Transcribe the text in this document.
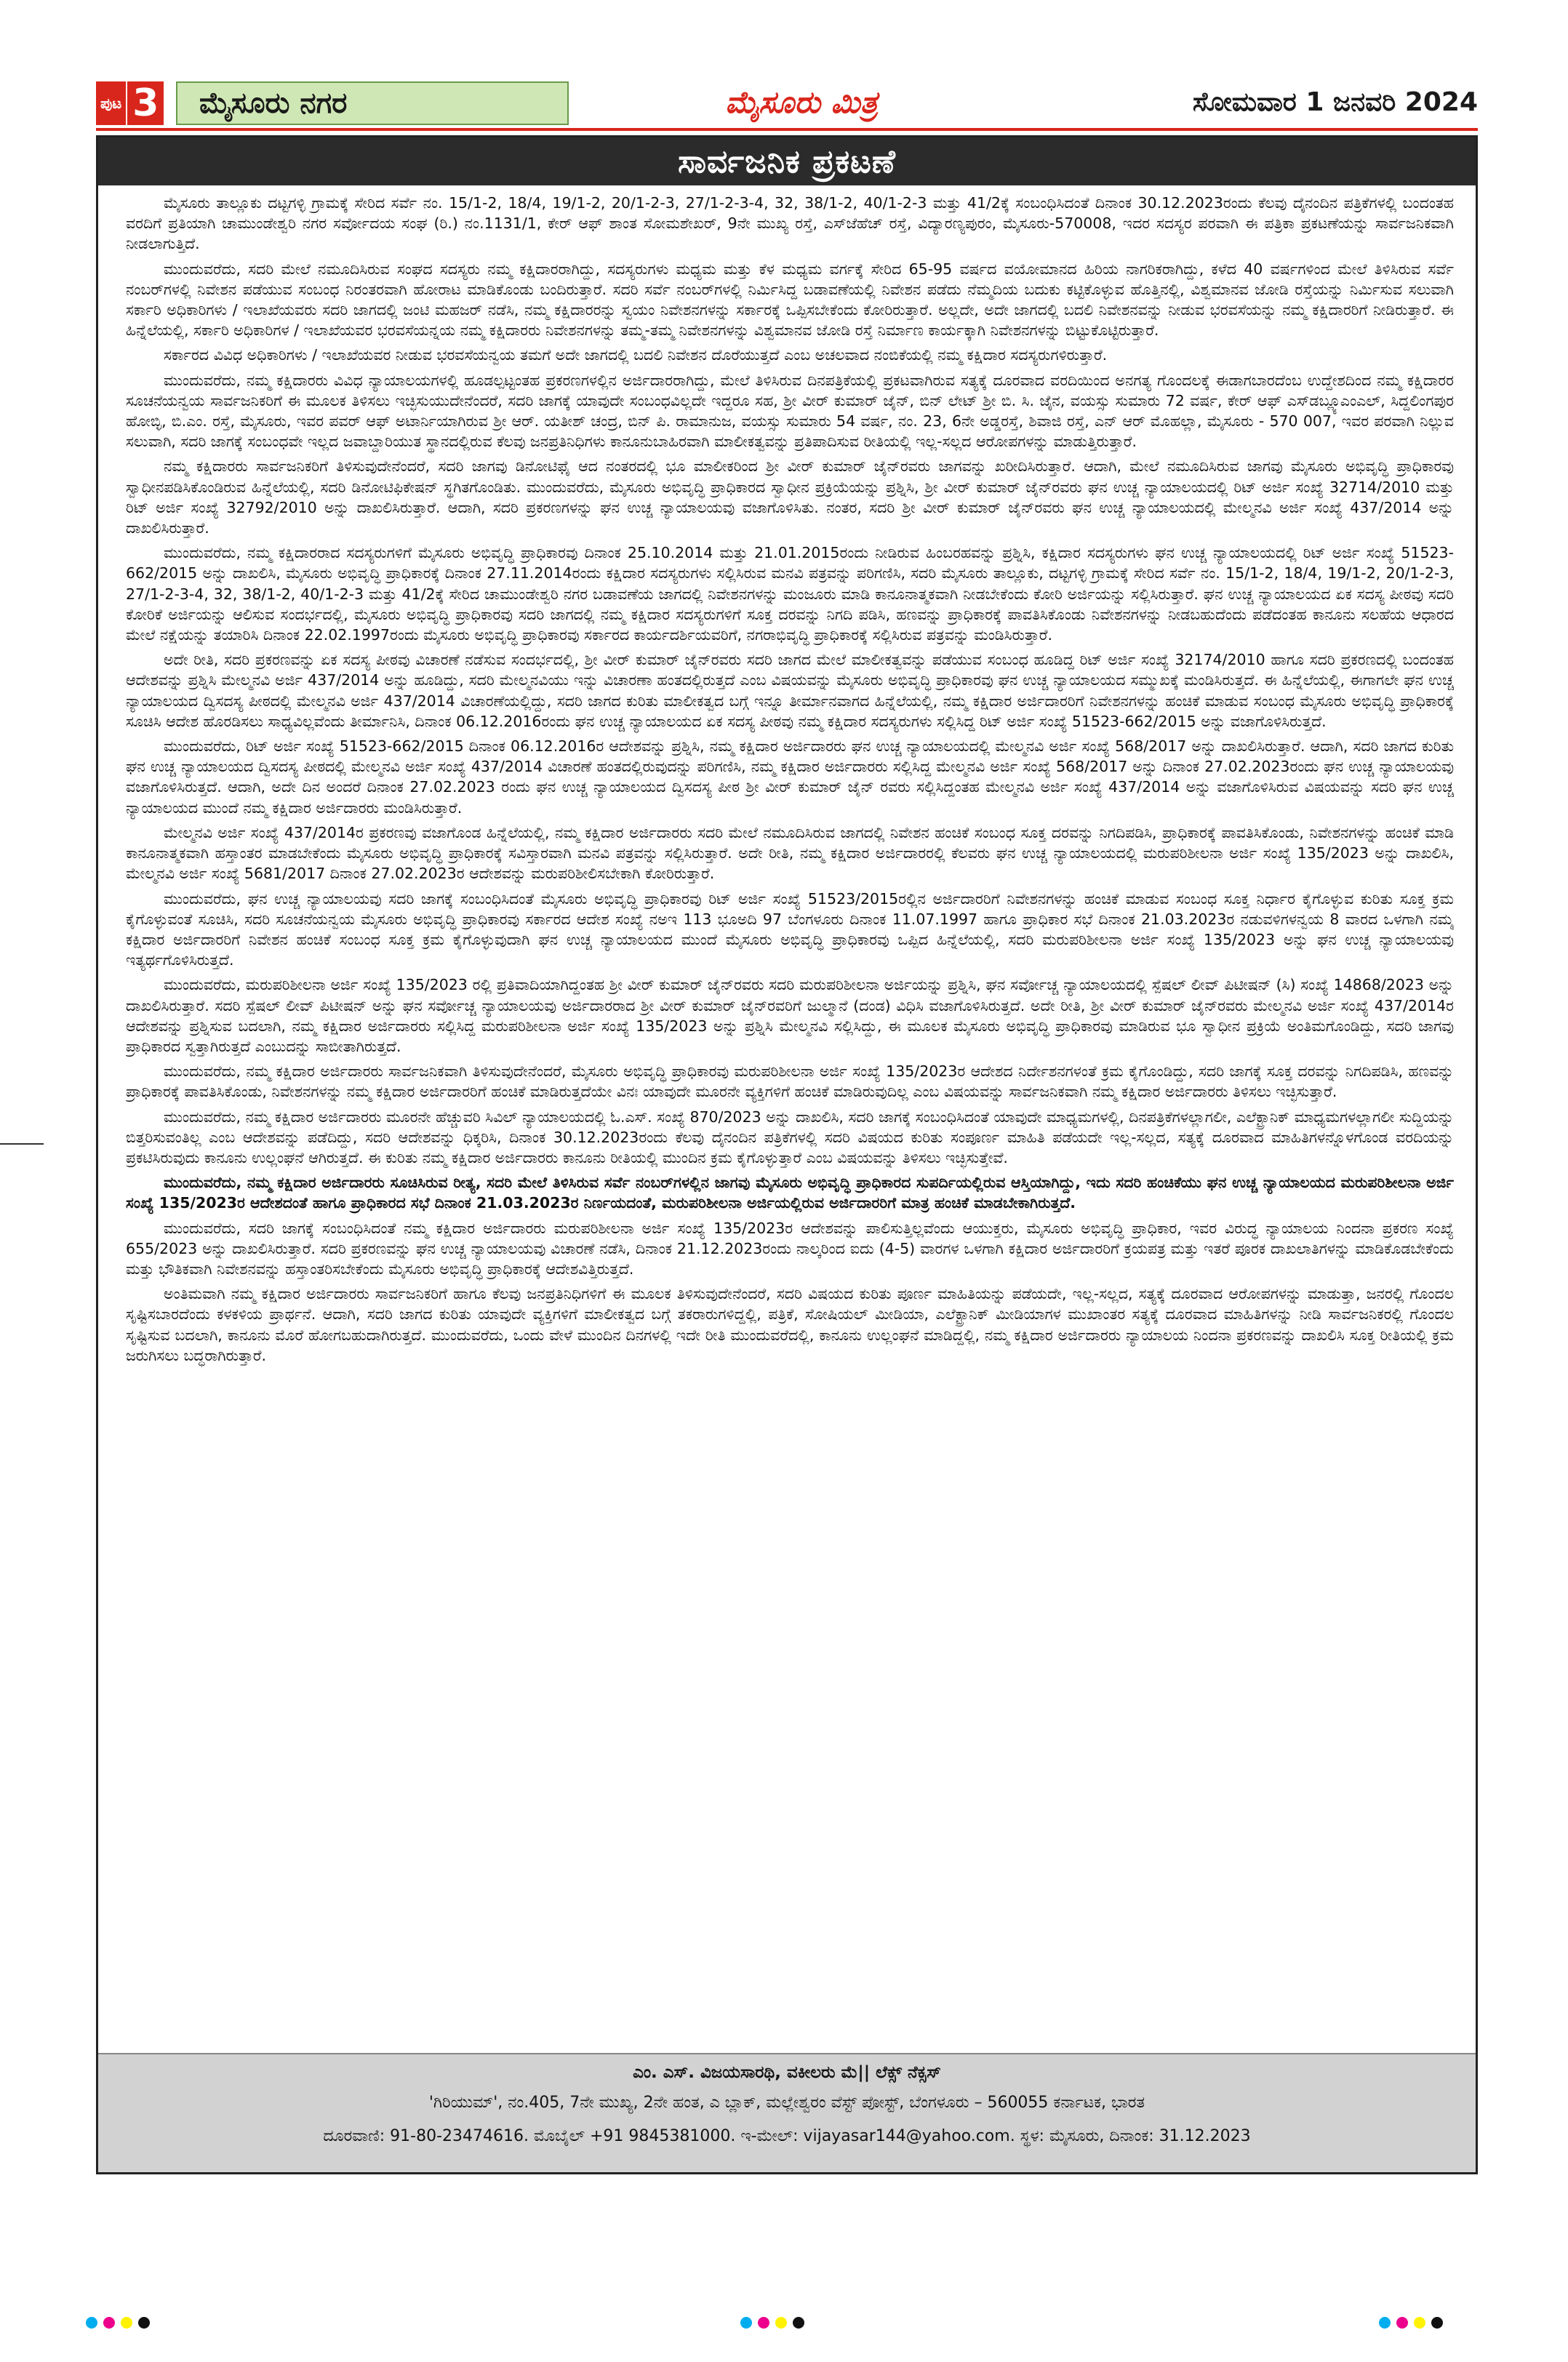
ಪುಟ 3	ಮೈಸೂರು ನಗರ	ಮೈಸೂರು ಮಿತ್ರ	ಸೋಮವಾರ 1 ಜನವರಿ 2024
ಸಾರ್ವಜನಿಕ ಪ್ರಕಟಣೆ

ಮೈಸೂರು ತಾಲ್ಲೂಕು ದಟ್ಟಗಳ್ಳಿ ಗ್ರಾಮಕ್ಕೆ ಸೇರಿದ ಸರ್ವೆ ನಂ. 15/1-2, 18/4, 19/1-2, 20/1-2-3, 27/1-2-3-4, 32, 38/1-2, 40/1-2-3 ಮತ್ತು 41/2ಕ್ಕೆ ಸಂಬಂಧಿಸಿದಂತೆ ದಿನಾಂಕ 30.12.2023ರಂದು ಕೆಲವು ದೈನಂದಿನ ಪತ್ರಿಕೆಗಳಲ್ಲಿ ಬಂದಂತಹ ವರದಿಗೆ ಪ್ರತಿಯಾಗಿ ಚಾಮುಂಡೇಶ್ವರಿ ನಗರ ಸರ್ವೋದಯ ಸಂಘ (ರಿ.) ನಂ.1131/1, ಕೇರ್ ಆಫ್ ಶಾಂತ ಸೋಮಶೇಖರ್, 9ನೇ ಮುಖ್ಯ ರಸ್ತೆ, ಎಸ್‌ಜೆಹೆಚ್ ರಸ್ತೆ, ವಿದ್ಯಾರಣ್ಯಪುರಂ, ಮೈಸೂರು-570008, ಇದರ ಸದಸ್ಯರ ಪರವಾಗಿ ಈ ಪತ್ರಿಕಾ ಪ್ರಕಟಣೆಯನ್ನು ಸಾರ್ವಜನಿಕವಾಗಿ ನೀಡಲಾಗುತ್ತಿದೆ.

ಮುಂದುವರೆದು, ಸದರಿ ಮೇಲೆ ನಮೂದಿಸಿರುವ ಸಂಘದ ಸದಸ್ಯರು ನಮ್ಮ ಕಕ್ಷಿದಾರರಾಗಿದ್ದು, ಸದಸ್ಯರುಗಳು ಮಧ್ಯಮ ಮತ್ತು ಕೆಳ ಮಧ್ಯಮ ವರ್ಗಕ್ಕೆ ಸೇರಿದ 65-95 ವರ್ಷದ ವಯೋಮಾನದ ಹಿರಿಯ ನಾಗರಿಕರಾಗಿದ್ದು, ಕಳೆದ 40 ವರ್ಷಗಳಿಂದ ಮೇಲೆ ತಿಳಿಸಿರುವ ಸರ್ವೆ ನಂಬರ್‌ಗಳಲ್ಲಿ ನಿವೇಶನ ಪಡೆಯುವ ಸಂಬಂಧ ನಿರಂತರವಾಗಿ ಹೋರಾಟ ಮಾಡಿಕೊಂಡು ಬಂದಿರುತ್ತಾರೆ. ಸದರಿ ಸರ್ವೆ ನಂಬರ್‌ಗಳಲ್ಲಿ ನಿರ್ಮಿಸಿದ್ದ ಬಡಾವಣೆಯಲ್ಲಿ ನಿವೇಶನ ಪಡೆದು ನೆಮ್ಮದಿಯ ಬದುಕು ಕಟ್ಟಿಕೊಳ್ಳುವ ಹೊತ್ತಿನಲ್ಲಿ, ವಿಶ್ವಮಾನವ ಜೋಡಿ ರಸ್ತೆಯನ್ನು ನಿರ್ಮಿಸುವ ಸಲುವಾಗಿ ಸರ್ಕಾರಿ ಅಧಿಕಾರಿಗಳು / ಇಲಾಖೆಯವರು ಸದರಿ ಜಾಗದಲ್ಲಿ ಜಂಟಿ ಮಹಜರ್ ನಡೆಸಿ, ನಮ್ಮ ಕಕ್ಷಿದಾರರನ್ನು ಸ್ವಯಂ ನಿವೇಶನಗಳನ್ನು ಸರ್ಕಾರಕ್ಕೆ ಒಪ್ಪಿಸಬೇಕೆಂದು ಕೋರಿರುತ್ತಾರೆ. ಅಲ್ಲದೇ, ಅದೇ ಜಾಗದಲ್ಲಿ ಬದಲಿ ನಿವೇಶನವನ್ನು ನೀಡುವ ಭರವಸೆಯನ್ನು ನಮ್ಮ ಕಕ್ಷಿದಾರರಿಗೆ ನೀಡಿರುತ್ತಾರೆ. ಈ ಹಿನ್ನೆಲೆಯಲ್ಲಿ, ಸರ್ಕಾರಿ ಅಧಿಕಾರಿಗಳ / ಇಲಾಖೆಯವರ ಭರವಸೆಯನ್ನಯ ನಮ್ಮ ಕಕ್ಷಿದಾರರು ನಿವೇಶನಗಳನ್ನು ತಮ್ಮ-ತಮ್ಮ ನಿವೇಶನಗಳನ್ನು ವಿಶ್ವಮಾನವ ಜೋಡಿ ರಸ್ತೆ ನಿರ್ಮಾಣ ಕಾರ್ಯಕ್ಕಾಗಿ ನಿವೇಶನಗಳನ್ನು ಬಿಟ್ಟುಕೊಟ್ಟಿರುತ್ತಾರೆ.

ಸರ್ಕಾರದ ವಿವಿಧ ಅಧಿಕಾರಿಗಳು / ಇಲಾಖೆಯವರ ನೀಡುವ ಭರವಸೆಯನ್ವಯ ತಮಗೆ ಅದೇ ಜಾಗದಲ್ಲಿ ಬದಲಿ ನಿವೇಶನ ದೊರೆಯುತ್ತದೆ ಎಂಬ ಅಚಲವಾದ ನಂಬಿಕೆಯಲ್ಲಿ ನಮ್ಮ ಕಕ್ಷಿದಾರ ಸದಸ್ಯರುಗಳಿರುತ್ತಾರೆ.

ಮುಂದುವರೆದು, ನಮ್ಮ ಕಕ್ಷಿದಾರರು ವಿವಿಧ ನ್ಯಾಯಾಲಯಗಳಲ್ಲಿ ಹೂಡಲ್ಪಟ್ಟಂತಹ ಪ್ರಕರಣಗಳಲ್ಲಿನ ಅರ್ಜಿದಾರರಾಗಿದ್ದು, ಮೇಲೆ ತಿಳಿಸಿರುವ ದಿನಪತ್ರಿಕೆಯಲ್ಲಿ ಪ್ರಕಟವಾಗಿರುವ ಸತ್ಯಕ್ಕೆ ದೂರವಾದ ವರದಿಯಿಂದ ಅನಗತ್ಯ ಗೊಂದಲಕ್ಕೆ ಈಡಾಗಬಾರದೆಂಬ ಉದ್ದೇಶದಿಂದ ನಮ್ಮ ಕಕ್ಷಿದಾರರ ಸೂಚನೆಯನ್ವಯ ಸಾರ್ವಜನಿಕರಿಗೆ ಈ ಮೂಲಕ ತಿಳಿಸಲು ಇಚ್ಛಿಸುಯುದೇನೆಂದರೆ, ಸದರಿ ಜಾಗಕ್ಕೆ ಯಾವುದೇ ಸಂಬಂಧವಿಲ್ಲದೇ ಇದ್ದರೂ ಸಹ, ಶ್ರೀ ವೀರ್ ಕುಮಾರ್ ಜೈನ್, ಬಿನ್ ಲೇಟ್ ಶ್ರೀ ಬಿ. ಸಿ. ಜೈನ, ವಯಸ್ಸು ಸುಮಾರು 72 ವರ್ಷ, ಕೇರ್ ಆಫ್ ಎಸ್‌ಡಬ್ಲ್ಯೂಎಂಎಲ್, ಸಿದ್ದಲಿಂಗಪುರ ಹೋಬ್ಳಿ, ಬಿ.ಎಂ. ರಸ್ತೆ, ಮೈಸೂರು, ಇವರ ಪವರ್ ಆಫ್ ಅಟಾರ್ನಿಯಾಗಿರುವ ಶ್ರೀ ಆರ್. ಯತೀಶ್ ಚಂದ್ರ, ಬಿನ್ ಪಿ. ರಾಮಾನುಜ, ವಯಸ್ಸು ಸುಮಾರು 54 ವರ್ಷ, ನಂ. 23, 6ನೇ ಅಡ್ಡರಸ್ತೆ, ಶಿವಾಜಿ ರಸ್ತೆ, ಎನ್ ಆರ್ ಮೊಹಲ್ಲಾ, ಮೈಸೂರು - 570 007, ಇವರ ಪರವಾಗಿ ನಿಲ್ಲುವ ಸಲುವಾಗಿ, ಸದರಿ ಜಾಗಕ್ಕೆ ಸಂಬಂಧವೇ ಇಲ್ಲದ ಜವಾಬ್ದಾರಿಯುತ ಸ್ಥಾನದಲ್ಲಿರುವ ಕೆಲವು ಜನಪ್ರತಿನಿಧಿಗಳು ಕಾನೂನುಬಾಹಿರವಾಗಿ ಮಾಲೀಕತ್ವವನ್ನು ಪ್ರತಿಪಾದಿಸುವ ರೀತಿಯಲ್ಲಿ ಇಲ್ಲ-ಸಲ್ಲದ ಆರೋಪಗಳನ್ನು ಮಾಡುತ್ತಿರುತ್ತಾರೆ.

ನಮ್ಮ ಕಕ್ಷಿದಾರರು ಸಾರ್ವಜನಿಕರಿಗೆ ತಿಳಿಸುವುದೇನೆಂದರೆ, ಸದರಿ ಜಾಗವು ಡಿನೋಟಿಫೈ ಆದ ನಂತರದಲ್ಲಿ ಭೂ ಮಾಲೀಕರಿಂದ ಶ್ರೀ ವೀರ್ ಕುಮಾರ್ ಜೈನ್‌ರವರು ಜಾಗವನ್ನು ಖರೀದಿಸಿರುತ್ತಾರೆ. ಆದಾಗಿ, ಮೇಲೆ ನಮೂದಿಸಿರುವ ಜಾಗವು ಮೈಸೂರು ಅಭಿವೃದ್ಧಿ ಪ್ರಾಧಿಕಾರವು ಸ್ವಾಧೀನಪಡಿಸಿಕೊಂಡಿರುವ ಹಿನ್ನೆಲೆಯಲ್ಲಿ, ಸದರಿ ಡಿನೋಟಿಫಿಕೇಷನ್ ಸ್ಥಗಿತಗೊಂಡಿತು. ಮುಂದುವರೆದು, ಮೈಸೂರು ಅಭಿವೃದ್ಧಿ ಪ್ರಾಧಿಕಾರದ ಸ್ವಾಧೀನ ಪ್ರಕ್ರಿಯೆಯನ್ನು ಪ್ರಶ್ನಿಸಿ, ಶ್ರೀ ವೀರ್ ಕುಮಾರ್ ಜೈನ್‌ರವರು ಘನ ಉಚ್ಚ ನ್ಯಾಯಾಲಯದಲ್ಲಿ ರಿಟ್ ಅರ್ಜಿ ಸಂಖ್ಯೆ 32714/2010 ಮತ್ತು ರಿಟ್ ಅರ್ಜಿ ಸಂಖ್ಯೆ 32792/2010 ಅನ್ನು ದಾಖಲಿಸಿರುತ್ತಾರೆ. ಆದಾಗಿ, ಸದರಿ ಪ್ರಕರಣಗಳನ್ನು ಘನ ಉಚ್ಚ ನ್ಯಾಯಾಲಯವು ವಜಾಗೊಳಿಸಿತು. ನಂತರ, ಸದರಿ ಶ್ರೀ ವೀರ್ ಕುಮಾರ್ ಜೈನ್‌ರವರು ಘನ ಉಚ್ಚ ನ್ಯಾಯಾಲಯದಲ್ಲಿ ಮೇಲ್ಮನವಿ ಅರ್ಜಿ ಸಂಖ್ಯೆ 437/2014 ಅನ್ನು ದಾಖಲಿಸಿರುತ್ತಾರೆ.

ಮುಂದುವರೆದು, ನಮ್ಮ ಕಕ್ಷಿದಾರರಾದ ಸದಸ್ಯರುಗಳಿಗೆ ಮೈಸೂರು ಅಭಿವೃದ್ಧಿ ಪ್ರಾಧಿಕಾರವು ದಿನಾಂಕ 25.10.2014 ಮತ್ತು 21.01.2015ರಂದು ನೀಡಿರುವ ಹಿಂಬರಹವನ್ನು ಪ್ರಶ್ನಿಸಿ, ಕಕ್ಷಿದಾರ ಸದಸ್ಯರುಗಳು ಘನ ಉಚ್ಚ ನ್ಯಾಯಾಲಯದಲ್ಲಿ ರಿಟ್ ಅರ್ಜಿ ಸಂಖ್ಯೆ 51523-662/2015 ಅನ್ನು ದಾಖಲಿಸಿ, ಮೈಸೂರು ಅಭಿವೃದ್ಧಿ ಪ್ರಾಧಿಕಾರಕ್ಕೆ ದಿನಾಂಕ 27.11.2014ರಂದು ಕಕ್ಷಿದಾರ ಸದಸ್ಯರುಗಳು ಸಲ್ಲಿಸಿರುವ ಮನವಿ ಪತ್ರವನ್ನು ಪರಿಗಣಿಸಿ, ಸದರಿ ಮೈಸೂರು ತಾಲ್ಲೂಕು, ದಟ್ಟಗಳ್ಳಿ ಗ್ರಾಮಕ್ಕೆ ಸೇರಿದ ಸರ್ವೆ ನಂ. 15/1-2, 18/4, 19/1-2, 20/1-2-3, 27/1-2-3-4, 32, 38/1-2, 40/1-2-3 ಮತ್ತು 41/2ಕ್ಕೆ ಸೇರಿದ ಚಾಮುಂಡೇಶ್ವರಿ ನಗರ ಬಡಾವಣೆಯ ಜಾಗದಲ್ಲಿ ನಿವೇಶನಗಳನ್ನು ಮಂಜೂರು ಮಾಡಿ ಕಾನೂನಾತ್ಮಕವಾಗಿ ನೀಡಬೇಕೆಂದು ಕೋರಿ ಅರ್ಜಿಯನ್ನು ಸಲ್ಲಿಸಿರುತ್ತಾರೆ. ಘನ ಉಚ್ಚ ನ್ಯಾಯಾಲಯದ ಏಕ ಸದಸ್ಯ ಪೀಠವು ಸದರಿ ಕೋರಿಕೆ ಅರ್ಜಿಯನ್ನು ಆಲಿಸುವ ಸಂದರ್ಭದಲ್ಲಿ, ಮೈಸೂರು ಅಭಿವೃದ್ಧಿ ಪ್ರಾಧಿಕಾರವು ಸದರಿ ಜಾಗದಲ್ಲಿ ನಮ್ಮ ಕಕ್ಷಿದಾರ ಸದಸ್ಯರುಗಳಿಗೆ ಸೂಕ್ತ ದರವನ್ನು ನಿಗದಿ ಪಡಿಸಿ, ಹಣವನ್ನು ಪ್ರಾಧಿಕಾರಕ್ಕೆ ಪಾವತಿಸಿಕೊಂಡು ನಿವೇಶನಗಳನ್ನು ನೀಡಬಹುದೆಂದು ಪಡೆದಂತಹ ಕಾನೂನು ಸಲಹೆಯ ಆಧಾರದ ಮೇಲೆ ನಕ್ಷೆಯನ್ನು ತಯಾರಿಸಿ ದಿನಾಂಕ 22.02.1997ರಂದು ಮೈಸೂರು ಅಭಿವೃದ್ಧಿ ಪ್ರಾಧಿಕಾರವು ಸರ್ಕಾರದ ಕಾರ್ಯದರ್ಶಿಯವರಿಗೆ, ನಗರಾಭಿವೃದ್ಧಿ ಪ್ರಾಧಿಕಾರಕ್ಕೆ ಸಲ್ಲಿಸಿರುವ ಪತ್ರವನ್ನು ಮಂಡಿಸಿರುತ್ತಾರೆ.

ಅದೇ ರೀತಿ, ಸದರಿ ಪ್ರಕರಣವನ್ನು ಏಕ ಸದಸ್ಯ ಪೀಠವು ವಿಚಾರಣೆ ನಡೆಸುವ ಸಂದರ್ಭದಲ್ಲಿ, ಶ್ರೀ ವೀರ್ ಕುಮಾರ್ ಜೈನ್‌ರವರು ಸದರಿ ಜಾಗದ ಮೇಲೆ ಮಾಲೀಕತ್ವವನ್ನು ಪಡೆಯುವ ಸಂಬಂಧ ಹೂಡಿದ್ದ ರಿಟ್ ಅರ್ಜಿ ಸಂಖ್ಯೆ 32174/2010 ಹಾಗೂ ಸದರಿ ಪ್ರಕರಣದಲ್ಲಿ ಬಂದಂತಹ ಆದೇಶವನ್ನು ಪ್ರಶ್ನಿಸಿ ಮೇಲ್ಮನವಿ ಅರ್ಜಿ 437/2014 ಅನ್ನು ಹೂಡಿದ್ದು, ಸದರಿ ಮೇಲ್ಮನವಿಯು ಇನ್ನು ವಿಚಾರಣಾ ಹಂತದಲ್ಲಿರುತ್ತದೆ ಎಂಬ ವಿಷಯವನ್ನು ಮೈಸೂರು ಅಭಿವೃದ್ಧಿ ಪ್ರಾಧಿಕಾರವು ಘನ ಉಚ್ಚ ನ್ಯಾಯಾಲಯದ ಸಮ್ಮುಖಕ್ಕೆ ಮಂಡಿಸಿರುತ್ತದೆ. ಈ ಹಿನ್ನೆಲೆಯಲ್ಲಿ, ಈಗಾಗಲೇ ಘನ ಉಚ್ಚ ನ್ಯಾಯಾಲಯದ ದ್ವಿಸದಸ್ಯ ಪೀಠದಲ್ಲಿ ಮೇಲ್ಮನವಿ ಅರ್ಜಿ 437/2014 ವಿಚಾರಣೆಯಲ್ಲಿದ್ದು, ಸದರಿ ಜಾಗದ ಕುರಿತು ಮಾಲೀಕತ್ವದ ಬಗ್ಗೆ ಇನ್ನೂ ತೀರ್ಮಾನವಾಗದ ಹಿನ್ನೆಲೆಯಲ್ಲಿ, ನಮ್ಮ ಕಕ್ಷಿದಾರ ಅರ್ಜಿದಾರರಿಗೆ ನಿವೇಶನಗಳನ್ನು ಹಂಚಿಕೆ ಮಾಡುವ ಸಂಬಂಧ ಮೈಸೂರು ಅಭಿವೃದ್ಧಿ ಪ್ರಾಧಿಕಾರಕ್ಕೆ ಸೂಚಿಸಿ ಆದೇಶ ಹೊರಡಿಸಲು ಸಾಧ್ಯವಿಲ್ಲವೆಂದು ತೀರ್ಮಾನಿಸಿ, ದಿನಾಂಕ 06.12.2016ರಂದು ಘನ ಉಚ್ಚ ನ್ಯಾಯಾಲಯದ ಏಕ ಸದಸ್ಯ ಪೀಠವು ನಮ್ಮ ಕಕ್ಷಿದಾರ ಸದಸ್ಯರುಗಳು ಸಲ್ಲಿಸಿದ್ದ ರಿಟ್ ಅರ್ಜಿ ಸಂಖ್ಯೆ 51523-662/2015 ಅನ್ನು ವಜಾಗೊಳಿಸಿರುತ್ತದೆ.

ಮುಂದುವರೆದು, ರಿಟ್ ಅರ್ಜಿ ಸಂಖ್ಯೆ 51523-662/2015 ದಿನಾಂಕ 06.12.2016ರ ಆದೇಶವನ್ನು ಪ್ರಶ್ನಿಸಿ, ನಮ್ಮ ಕಕ್ಷಿದಾರ ಅರ್ಜಿದಾರರು ಘನ ಉಚ್ಚ ನ್ಯಾಯಾಲಯದಲ್ಲಿ ಮೇಲ್ಮನವಿ ಅರ್ಜಿ ಸಂಖ್ಯೆ 568/2017 ಅನ್ನು ದಾಖಲಿಸಿರುತ್ತಾರೆ. ಆದಾಗಿ, ಸದರಿ ಜಾಗದ ಕುರಿತು ಘನ ಉಚ್ಚ ನ್ಯಾಯಾಲಯದ ದ್ವಿಸದಸ್ಯ ಪೀಠದಲ್ಲಿ ಮೇಲ್ಮನವಿ ಅರ್ಜಿ ಸಂಖ್ಯೆ 437/2014 ವಿಚಾರಣೆ ಹಂತದಲ್ಲಿರುವುದನ್ನು ಪರಿಗಣಿಸಿ, ನಮ್ಮ ಕಕ್ಷಿದಾರ ಅರ್ಜಿದಾರರು ಸಲ್ಲಿಸಿದ್ದ ಮೇಲ್ಮನವಿ ಅರ್ಜಿ ಸಂಖ್ಯೆ 568/2017 ಅನ್ನು ದಿನಾಂಕ 27.02.2023ರಂದು ಘನ ಉಚ್ಚ ನ್ಯಾಯಾಲಯವು ವಜಾಗೊಳಿಸಿರುತ್ತದೆ. ಆದಾಗಿ, ಅದೇ ದಿನ ಅಂದರೆ ದಿನಾಂಕ 27.02.2023 ರಂದು ಘನ ಉಚ್ಚ ನ್ಯಾಯಾಲಯದ ದ್ವಿಸದಸ್ಯ ಪೀಠ ಶ್ರೀ ವೀರ್ ಕುಮಾರ್ ಜೈನ್ ರವರು ಸಲ್ಲಿಸಿದ್ದಂತಹ ಮೇಲ್ಮನವಿ ಅರ್ಜಿ ಸಂಖ್ಯೆ 437/2014 ಅನ್ನು ವಜಾಗೊಳಿಸಿರುವ ವಿಷಯವನ್ನು ಸದರಿ ಘನ ಉಚ್ಚ ನ್ಯಾಯಾಲಯದ ಮುಂದೆ ನಮ್ಮ ಕಕ್ಷಿದಾರ ಅರ್ಜಿದಾರರು ಮಂಡಿಸಿರುತ್ತಾರೆ.

ಮೇಲ್ಮನವಿ ಅರ್ಜಿ ಸಂಖ್ಯೆ 437/2014ರ ಪ್ರಕರಣವು ವಜಾಗೊಂಡ ಹಿನ್ನೆಲೆಯಲ್ಲಿ, ನಮ್ಮ ಕಕ್ಷಿದಾರ ಅರ್ಜಿದಾರರು ಸದರಿ ಮೇಲೆ ನಮೂದಿಸಿರುವ ಜಾಗದಲ್ಲಿ ನಿವೇಶನ ಹಂಚಿಕೆ ಸಂಬಂಧ ಸೂಕ್ತ ದರವನ್ನು ನಿಗದಿಪಡಿಸಿ, ಪ್ರಾಧಿಕಾರಕ್ಕೆ ಪಾವತಿಸಿಕೊಂಡು, ನಿವೇಶನಗಳನ್ನು ಹಂಚಿಕೆ ಮಾಡಿ ಕಾನೂನಾತ್ಮಕವಾಗಿ ಹಸ್ತಾಂತರ ಮಾಡಬೇಕೆಂದು ಮೈಸೂರು ಅಭಿವೃದ್ಧಿ ಪ್ರಾಧಿಕಾರಕ್ಕೆ ಸವಿಸ್ತಾರವಾಗಿ ಮನವಿ ಪತ್ರವನ್ನು ಸಲ್ಲಿಸಿರುತ್ತಾರೆ. ಅದೇ ರೀತಿ, ನಮ್ಮ ಕಕ್ಷಿದಾರ ಅರ್ಜಿದಾರರಲ್ಲಿ ಕೆಲವರು ಘನ ಉಚ್ಚ ನ್ಯಾಯಾಲಯದಲ್ಲಿ ಮರುಪರಿಶೀಲನಾ ಅರ್ಜಿ ಸಂಖ್ಯೆ 135/2023 ಅನ್ನು ದಾಖಲಿಸಿ, ಮೇಲ್ಮನವಿ ಅರ್ಜಿ ಸಂಖ್ಯೆ 5681/2017 ದಿನಾಂಕ 27.02.2023ರ ಆದೇಶವನ್ನು ಮರುಪರಿಶೀಲಿಸಬೇಕಾಗಿ ಕೋರಿರುತ್ತಾರೆ.

ಮುಂದುವರೆದು, ಘನ ಉಚ್ಚ ನ್ಯಾಯಾಲಯವು ಸದರಿ ಜಾಗಕ್ಕೆ ಸಂಬಂಧಿಸಿದಂತೆ ಮೈಸೂರು ಅಭಿವೃದ್ಧಿ ಪ್ರಾಧಿಕಾರವು ರಿಟ್ ಅರ್ಜಿ ಸಂಖ್ಯೆ 51523/2015ರಲ್ಲಿನ ಅರ್ಜಿದಾರರಿಗೆ ನಿವೇಶನಗಳನ್ನು ಹಂಚಿಕೆ ಮಾಡುವ ಸಂಬಂಧ ಸೂಕ್ತ ನಿರ್ಧಾರ ಕೈಗೊಳ್ಳುವ ಕುರಿತು ಸೂಕ್ತ ಕ್ರಮ ಕೈಗೊಳ್ಳುವಂತೆ ಸೂಚಿಸಿ, ಸದರಿ ಸೂಚನೆಯನ್ವಯ ಮೈಸೂರು ಅಭಿವೃದ್ಧಿ ಪ್ರಾಧಿಕಾರವು ಸರ್ಕಾರದ ಆದೇಶ ಸಂಖ್ಯೆ ನಅಇ 113 ಭೂಅದಿ 97 ಬೆಂಗಳೂರು ದಿನಾಂಕ 11.07.1997 ಹಾಗೂ ಪ್ರಾಧಿಕಾರ ಸಭೆ ದಿನಾಂಕ 21.03.2023ರ ನಡುವಳಿಗಳನ್ವಯ 8 ವಾರದ ಒಳಗಾಗಿ ನಮ್ಮ ಕಕ್ಷಿದಾರ ಅರ್ಜಿದಾರರಿಗೆ ನಿವೇಶನ ಹಂಚಿಕೆ ಸಂಬಂಧ ಸೂಕ್ತ ಕ್ರಮ ಕೈಗೊಳ್ಳುವುದಾಗಿ ಘನ ಉಚ್ಚ ನ್ಯಾಯಾಲಯದ ಮುಂದೆ ಮೈಸೂರು ಅಭಿವೃದ್ಧಿ ಪ್ರಾಧಿಕಾರವು ಒಪ್ಪಿದ ಹಿನ್ನೆಲೆಯಲ್ಲಿ, ಸದರಿ ಮರುಪರಿಶೀಲನಾ ಅರ್ಜಿ ಸಂಖ್ಯೆ 135/2023 ಅನ್ನು ಘನ ಉಚ್ಚ ನ್ಯಾಯಾಲಯವು ಇತ್ಯರ್ಥಗೊಳಿಸಿರುತ್ತದೆ.

ಮುಂದುವರೆದು, ಮರುಪರಿಶೀಲನಾ ಅರ್ಜಿ ಸಂಖ್ಯೆ 135/2023 ರಲ್ಲಿ ಪ್ರತಿವಾದಿಯಾಗಿದ್ದಂತಹ ಶ್ರೀ ವೀರ್ ಕುಮಾರ್ ಜೈನ್‌ರವರು ಸದರಿ ಮರುಪರಿಶೀಲನಾ ಅರ್ಜಿಯನ್ನು ಪ್ರಶ್ನಿಸಿ, ಘನ ಸರ್ವೋಚ್ಚ ನ್ಯಾಯಾಲಯದಲ್ಲಿ ಸ್ಪೆಷಲ್ ಲೀವ್ ಪಿಟೀಷನ್ (ಸಿ) ಸಂಖ್ಯೆ 14868/2023 ಅನ್ನು ದಾಖಲಿಸಿರುತ್ತಾರೆ. ಸದರಿ ಸ್ಪೆಷಲ್ ಲೀವ್ ಪಿಟೀಷನ್ ಅನ್ನು ಘನ ಸರ್ವೋಚ್ಚ ನ್ಯಾಯಾಲಯವು ಅರ್ಜಿದಾರರಾದ ಶ್ರೀ ವೀರ್ ಕುಮಾರ್ ಜೈನ್‌ರವರಿಗೆ ಜುಲ್ಮಾನೆ (ದಂಡ) ವಿಧಿಸಿ ವಜಾಗೊಳಿಸಿರುತ್ತದೆ. ಅದೇ ರೀತಿ, ಶ್ರೀ ವೀರ್ ಕುಮಾರ್ ಜೈನ್‌ರವರು ಮೇಲ್ಮನವಿ ಅರ್ಜಿ ಸಂಖ್ಯೆ 437/2014ರ ಆದೇಶವನ್ನು ಪ್ರಶ್ನಿಸುವ ಬದಲಾಗಿ, ನಮ್ಮ ಕಕ್ಷಿದಾರ ಅರ್ಜಿದಾರರು ಸಲ್ಲಿಸಿದ್ದ ಮರುಪರಿಶೀಲನಾ ಅರ್ಜಿ ಸಂಖ್ಯೆ 135/2023 ಅನ್ನು ಪ್ರಶ್ನಿಸಿ ಮೇಲ್ಮನವಿ ಸಲ್ಲಿಸಿದ್ದು, ಈ ಮೂಲಕ ಮೈಸೂರು ಅಭಿವೃದ್ಧಿ ಪ್ರಾಧಿಕಾರವು ಮಾಡಿರುವ ಭೂ ಸ್ವಾಧೀನ ಪ್ರಕ್ರಿಯೆ ಅಂತಿಮಗೊಂಡಿದ್ದು, ಸದರಿ ಜಾಗವು ಪ್ರಾಧಿಕಾರದ ಸ್ವತ್ತಾಗಿರುತ್ತದೆ ಎಂಬುದನ್ನು ಸಾಬೀತಾಗಿರುತ್ತದೆ.

ಮುಂದುವರೆದು, ನಮ್ಮ ಕಕ್ಷಿದಾರ ಅರ್ಜಿದಾರರು ಸಾರ್ವಜನಿಕವಾಗಿ ತಿಳಿಸುವುದೇನೆಂದರೆ, ಮೈಸೂರು ಅಭಿವೃದ್ಧಿ ಪ್ರಾಧಿಕಾರವು ಮರುಪರಿಶೀಲನಾ ಅರ್ಜಿ ಸಂಖ್ಯೆ 135/2023ರ ಆದೇಶದ ನಿರ್ದೇಶನಗಳಂತೆ ಕ್ರಮ ಕೈಗೊಂಡಿದ್ದು, ಸದರಿ ಜಾಗಕ್ಕೆ ಸೂಕ್ತ ದರವನ್ನು ನಿಗದಿಪಡಿಸಿ, ಹಣವನ್ನು ಪ್ರಾಧಿಕಾರಕ್ಕೆ ಪಾವತಿಸಿಕೊಂಡು, ನಿವೇಶನಗಳನ್ನು ನಮ್ಮ ಕಕ್ಷಿದಾರ ಅರ್ಜಿದಾರರಿಗೆ ಹಂಚಿಕೆ ಮಾಡಿರುತ್ತದೆಯೇ ವಿನಃ ಯಾವುದೇ ಮೂರನೇ ವ್ಯಕ್ತಿಗಳಿಗೆ ಹಂಚಿಕೆ ಮಾಡಿರುವುದಿಲ್ಲ ಎಂಬ ವಿಷಯವನ್ನು ಸಾರ್ವಜನಿಕವಾಗಿ ನಮ್ಮ ಕಕ್ಷಿದಾರ ಅರ್ಜಿದಾರರು ತಿಳಿಸಲು ಇಚ್ಛಿಸುತ್ತಾರೆ.

ಮುಂದುವರೆದು, ನಮ್ಮ ಕಕ್ಷಿದಾರ ಅರ್ಜಿದಾರರು ಮೂರನೇ ಹೆಚ್ಚುವರಿ ಸಿವಿಲ್ ನ್ಯಾಯಾಲಯದಲ್ಲಿ ಓ.ಎಸ್. ಸಂಖ್ಯೆ 870/2023 ಅನ್ನು ದಾಖಲಿಸಿ, ಸದರಿ ಜಾಗಕ್ಕೆ ಸಂಬಂಧಿಸಿದಂತೆ ಯಾವುದೇ ಮಾಧ್ಯಮಗಳಲ್ಲಿ, ದಿನಪತ್ರಿಕೆಗಳಲ್ಲಾಗಲೀ, ಎಲೆಕ್ಟ್ರಾನಿಕ್ ಮಾಧ್ಯಮಗಳಲ್ಲಾಗಲೀ ಸುದ್ದಿಯನ್ನು ಬಿತ್ತರಿಸುವಂತಿಲ್ಲ ಎಂಬ ಆದೇಶವನ್ನು ಪಡೆದಿದ್ದು, ಸದರಿ ಆದೇಶವನ್ನು ಧಿಕ್ಕರಿಸಿ, ದಿನಾಂಕ 30.12.2023ರಂದು ಕೆಲವು ದೈನಂದಿನ ಪತ್ರಿಕೆಗಳಲ್ಲಿ ಸದರಿ ವಿಷಯದ ಕುರಿತು ಸಂಪೂರ್ಣ ಮಾಹಿತಿ ಪಡೆಯದೇ ಇಲ್ಲ-ಸಲ್ಲದ, ಸತ್ಯಕ್ಕೆ ದೂರವಾದ ಮಾಹಿತಿಗಳನ್ನೊಳಗೊಂಡ ವರದಿಯನ್ನು ಪ್ರಕಟಿಸಿರುವುದು ಕಾನೂನು ಉಲ್ಲಂಘನೆ ಆಗಿರುತ್ತದೆ. ಈ ಕುರಿತು ನಮ್ಮ ಕಕ್ಷಿದಾರ ಅರ್ಜಿದಾರರು ಕಾನೂನು ರೀತಿಯಲ್ಲಿ ಮುಂದಿನ ಕ್ರಮ ಕೈಗೊಳ್ಳುತ್ತಾರೆ ಎಂಬ ವಿಷಯವನ್ನು ತಿಳಿಸಲು ಇಚ್ಛಿಸುತ್ತೇವೆ.

ಮುಂದುವರೆದು, ನಮ್ಮ ಕಕ್ಷಿದಾರ ಅರ್ಜಿದಾರರು ಸೂಚಿಸಿರುವ ರೀತ್ಯ, ಸದರಿ ಮೇಲೆ ತಿಳಿಸಿರುವ ಸರ್ವೆ ನಂಬರ್‌ಗಳಲ್ಲಿನ ಜಾಗವು ಮೈಸೂರು ಅಭಿವೃದ್ಧಿ ಪ್ರಾಧಿಕಾರದ ಸುಪರ್ದಿಯಲ್ಲಿರುವ ಆಸ್ತಿಯಾಗಿದ್ದು, ಇದು ಸದರಿ ಹಂಚಿಕೆಯು ಘನ ಉಚ್ಚ ನ್ಯಾಯಾಲಯದ ಮರುಪರಿಶೀಲನಾ ಅರ್ಜಿ ಸಂಖ್ಯೆ 135/2023ರ ಆದೇಶದಂತೆ ಹಾಗೂ ಪ್ರಾಧಿಕಾರದ ಸಭೆ ದಿನಾಂಕ 21.03.2023ರ ನಿರ್ಣಯದಂತೆ, ಮರುಪರಿಶೀಲನಾ ಅರ್ಜಿಯಲ್ಲಿರುವ ಅರ್ಜಿದಾರರಿಗೆ ಮಾತ್ರ ಹಂಚಿಕೆ ಮಾಡಬೇಕಾಗಿರುತ್ತದೆ.

ಮುಂದುವರೆದು, ಸದರಿ ಜಾಗಕ್ಕೆ ಸಂಬಂಧಿಸಿದಂತೆ ನಮ್ಮ ಕಕ್ಷಿದಾರ ಅರ್ಜಿದಾರರು ಮರುಪರಿಶೀಲನಾ ಅರ್ಜಿ ಸಂಖ್ಯೆ 135/2023ರ ಆದೇಶವನ್ನು ಪಾಲಿಸುತ್ತಿಲ್ಲವೆಂದು ಆಯುಕ್ತರು, ಮೈಸೂರು ಅಭಿವೃದ್ಧಿ ಪ್ರಾಧಿಕಾರ, ಇವರ ವಿರುದ್ಧ ನ್ಯಾಯಾಲಯ ನಿಂದನಾ ಪ್ರಕರಣ ಸಂಖ್ಯೆ 655/2023 ಅನ್ನು ದಾಖಲಿಸಿರುತ್ತಾರೆ. ಸದರಿ ಪ್ರಕರಣವನ್ನು ಘನ ಉಚ್ಚ ನ್ಯಾಯಾಲಯವು ವಿಚಾರಣೆ ನಡೆಸಿ, ದಿನಾಂಕ 21.12.2023ರಂದು ನಾಲ್ಕರಿಂದ ಐದು (4-5) ವಾರಗಳ ಒಳಗಾಗಿ ಕಕ್ಷಿದಾರ ಅರ್ಜಿದಾರರಿಗೆ ಕ್ರಯಪತ್ರ ಮತ್ತು ಇತರೆ ಪೂರಕ ದಾಖಲಾತಿಗಳನ್ನು ಮಾಡಿಕೊಡಬೇಕೆಂದು ಮತ್ತು ಭೌತಿಕವಾಗಿ ನಿವೇಶನವನ್ನು ಹಸ್ತಾಂತರಿಸಬೇಕೆಂದು ಮೈಸೂರು ಅಭಿವೃದ್ಧಿ ಪ್ರಾಧಿಕಾರಕ್ಕೆ ಆದೇಶವಿತ್ತಿರುತ್ತದೆ.

ಅಂತಿಮವಾಗಿ ನಮ್ಮ ಕಕ್ಷಿದಾರ ಅರ್ಜಿದಾರರು ಸಾರ್ವಜನಿಕರಿಗೆ ಹಾಗೂ ಕೆಲವು ಜನಪ್ರತಿನಿಧಿಗಳಿಗೆ ಈ ಮೂಲಕ ತಿಳಿಸುವುದೇನೆಂದರೆ, ಸದರಿ ವಿಷಯದ ಕುರಿತು ಪೂರ್ಣ ಮಾಹಿತಿಯನ್ನು ಪಡೆಯದೇ, ಇಲ್ಲ-ಸಲ್ಲದ, ಸತ್ಯಕ್ಕೆ ದೂರವಾದ ಆರೋಪಗಳನ್ನು ಮಾಡುತ್ತಾ, ಜನರಲ್ಲಿ ಗೊಂದಲ ಸೃಷ್ಟಿಸಬಾರದೆಂದು ಕಳಕಳಿಯ ಪ್ರಾರ್ಥನೆ. ಆದಾಗಿ, ಸದರಿ ಜಾಗದ ಕುರಿತು ಯಾವುದೇ ವ್ಯಕ್ತಿಗಳಿಗೆ ಮಾಲೀಕತ್ವದ ಬಗ್ಗೆ ತಕರಾರುಗಳಿದ್ದಲ್ಲಿ, ಪತ್ರಿಕೆ, ಸೋಷಿಯಲ್ ಮೀಡಿಯಾ, ಎಲೆಕ್ಟ್ರಾನಿಕ್ ಮೀಡಿಯಾಗಳ ಮುಖಾಂತರ ಸತ್ಯಕ್ಕೆ ದೂರವಾದ ಮಾಹಿತಿಗಳನ್ನು ನೀಡಿ ಸಾರ್ವಜನಿಕರಲ್ಲಿ ಗೊಂದಲ ಸೃಷ್ಟಿಸುವ ಬದಲಾಗಿ, ಕಾನೂನು ಮೊರೆ ಹೋಗಬಹುದಾಗಿರುತ್ತದೆ. ಮುಂದುವರೆದು, ಒಂದು ವೇಳೆ ಮುಂದಿನ ದಿನಗಳಲ್ಲಿ ಇದೇ ರೀತಿ ಮುಂದುವರೆದಲ್ಲಿ, ಕಾನೂನು ಉಲ್ಲಂಘನೆ ಮಾಡಿದ್ದಲ್ಲಿ, ನಮ್ಮ ಕಕ್ಷಿದಾರ ಅರ್ಜಿದಾರರು ನ್ಯಾಯಾಲಯ ನಿಂದನಾ ಪ್ರಕರಣವನ್ನು ದಾಖಲಿಸಿ ಸೂಕ್ತ ರೀತಿಯಲ್ಲಿ ಕ್ರಮ ಜರುಗಿಸಲು ಬದ್ಧರಾಗಿರುತ್ತಾರೆ.

ಎಂ. ಎಸ್. ವಿಜಯಸಾರಥಿ, ವಕೀಲರು ಮೆ|| ಲೆಕ್ಸ್ ನೆಕ್ಸಸ್
'ಗಿರಿಯುಮ್', ನಂ.405, 7ನೇ ಮುಖ್ಯ, 2ನೇ ಹಂತ, ಎ ಬ್ಲಾಕ್, ಮಲ್ಲೇಶ್ವರಂ ವೆಸ್ಟ್ ಪೋಸ್ಟ್, ಬೆಂಗಳೂರು – 560055 ಕರ್ನಾಟಕ, ಭಾರತ
ದೂರವಾಣಿ: 91-80-23474616. ಮೊಬೈಲ್ +91 9845381000. ಇ-ಮೇಲ್: vijayasar144@yahoo.com. ಸ್ಥಳ: ಮೈಸೂರು, ದಿನಾಂಕ: 31.12.2023
